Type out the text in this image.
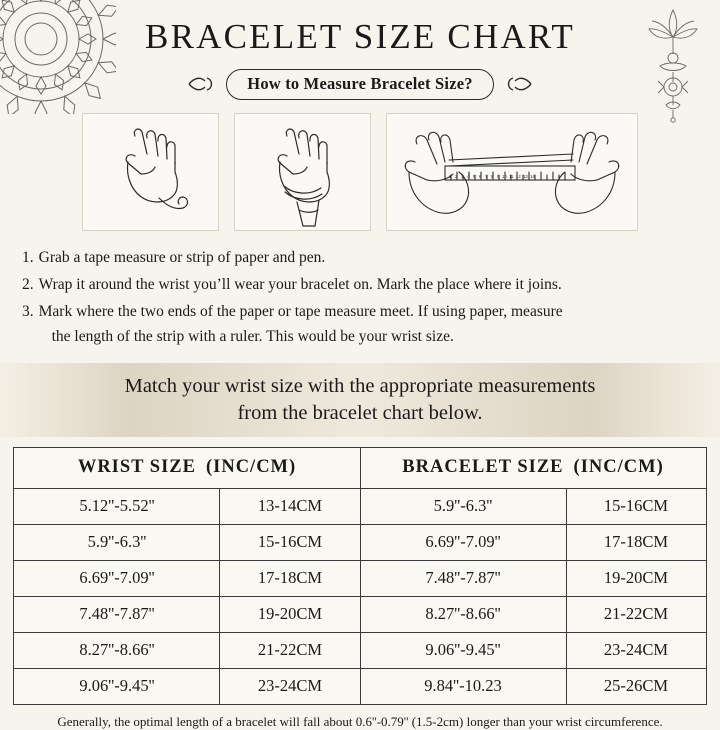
BRACELET SIZE CHART
How to Measure Bracelet Size?
1 2 3 4 5 6 7 8 9 10 11 12 13 14
1. Grab a tape measure or strip of paper and pen.
2. Wrap it around the wrist you’ll wear your bracelet on. Mark the place where it joins.
3. Mark where the two ends of the paper or tape measure meet. If using paper, measure
the length of the strip with a ruler. This would be your wrist size.
Match your wrist size with the appropriate measurements
from the bracelet chart below.
WRIST SIZE (INC/CM)		BRACELET SIZE (INC/CM)	
5.12''-5.52''	13-14CM	5.9''-6.3''	15-16CM
5.9''-6.3''	15-16CM	6.69''-7.09''	17-18CM
6.69''-7.09''	17-18CM	7.48''-7.87''	19-20CM
7.48''-7.87''	19-20CM	8.27''-8.66''	21-22CM
8.27''-8.66''	21-22CM	9.06''-9.45''	23-24CM
9.06''-9.45''	23-24CM	9.84''-10.23	25-26CM
Generally, the optimal length of a bracelet will fall about 0.6''-0.79'' (1.5-2cm) longer than your wrist circumference.
